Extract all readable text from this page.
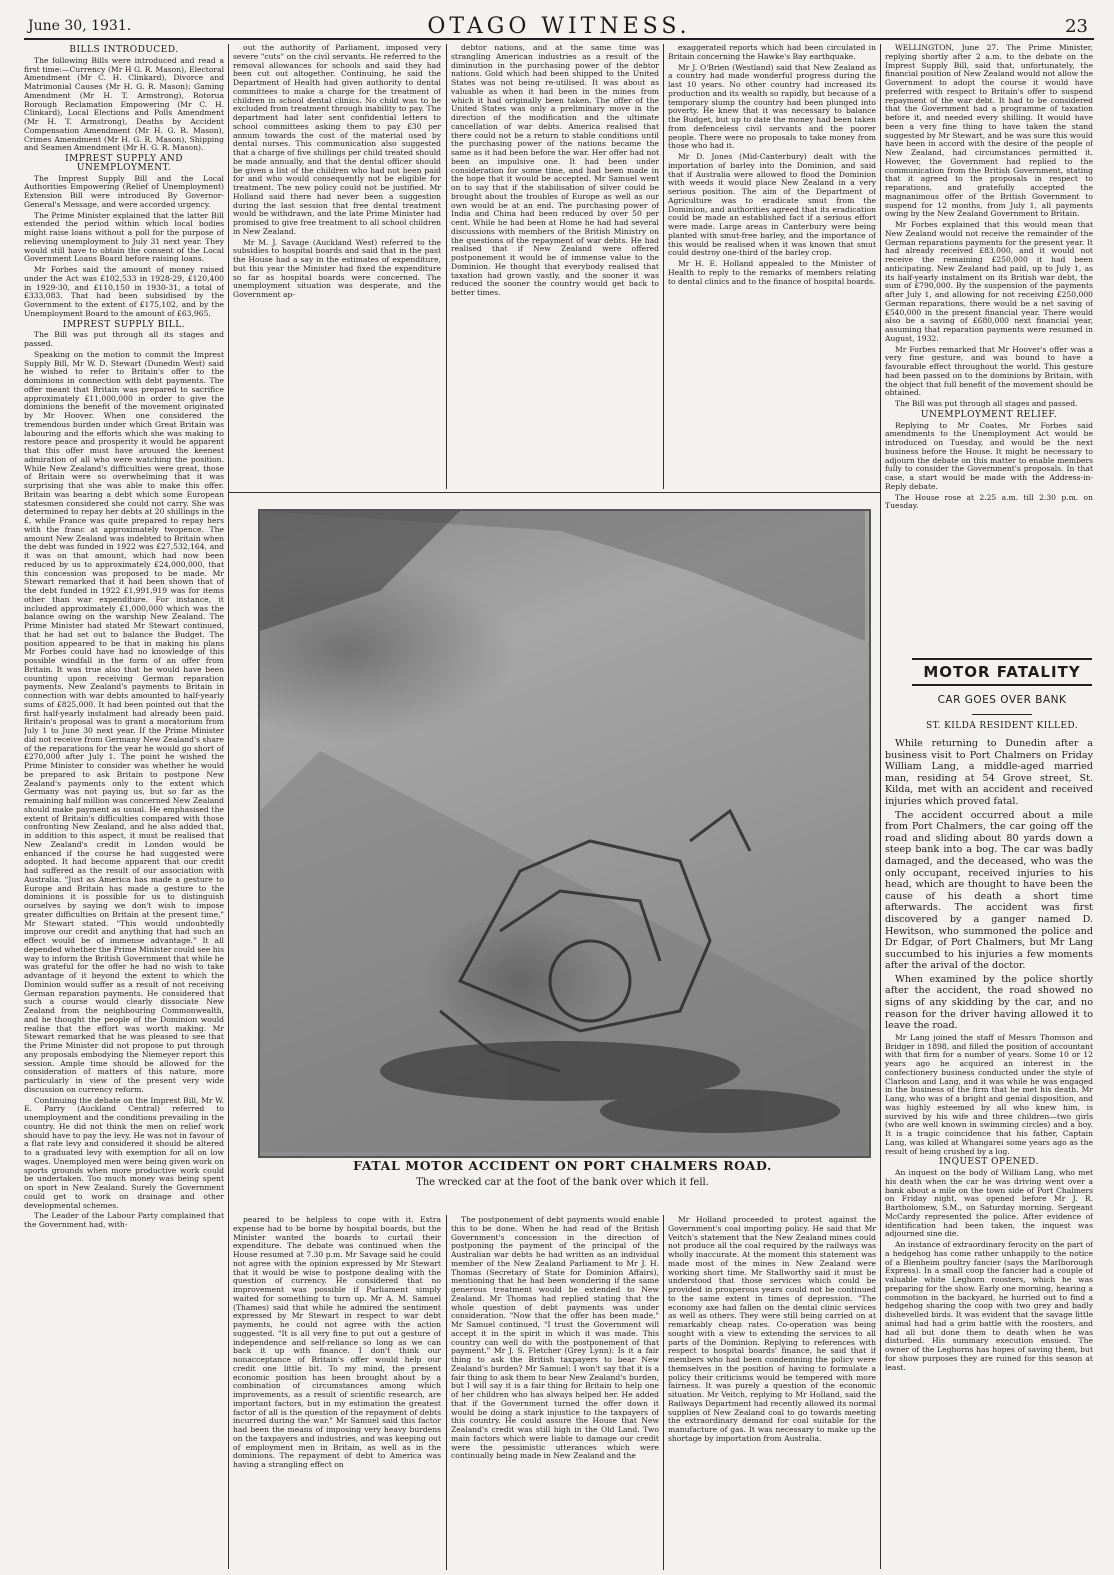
June 30, 1931.	OTAGO WITNESS.	23

BILLS INTRODUCED.

The following Bills were introduced and read a first time:—Currency (Mr H G. R. Mason), Electoral Amendment (Mr C. H. Clinkard), Divorce and Matrimonial Causes (Mr H. G. R. Mason); Gaming Amendment (Mr H. T. Armstrong), Rotorua Borough Reclamation Empowering (Mr C. H. Clinkard), Local Elections and Polls Amendment (Mr H. T. Armstrong), Deaths by Accident Compensation Amendment (Mr H. G. R. Mason), Crimes Amendment (Mr H. G. R. Mason), Shipping and Seamen Amendment (Mr H. G. R. Mason).

IMPREST SUPPLY AND UNEMPLOYMENT.

The Imprest Supply Bill and the Local Authorities Empowering (Relief of Unemployment) Extension Bill were introduced By Governor-General's Message, and were accorded urgency.

The Prime Minister explained that the latter Bill extended the period within which local bodies might raise loans without a poll for the purpose of relieving unemployment to July 31 next year. They would still have to obtain the consent of the Local Government Loans Board before raising loans.

Mr Forbes said the amount of money raised under the Act was £102,533 in 1928-29, £120,400 in 1929-30, and £110,150 in 1930-31, a total of £333,083. That had been subsidised by the Government to the extent of £175,102, and by the Unemployment Board to the amount of £63,965.

IMPREST SUPPLY BILL.

The Bill was put through all its stages and passed.

Speaking on the motion to commit the Imprest Supply Bill, Mr W. D. Stewart (Dunedin West) said he wished to refer to Britain's offer to the dominions in connection with debt payments. The offer meant that Britain was prepared to sacrifice approximately £11,000,000 in order to give the dominions the benefit of the movement originated by Mr Hoover. When one considered the tremendous burden under which Great Britain was labouring and the efforts which she was making to restore peace and prosperity it would be apparent that this offer must have aroused the keenest admiration of all who were watching the position. While New Zealand's difficulties were great, those of Britain were so overwhelming that it was surprising that she was able to make this offer. Britain was bearing a debt which some European statesmen considered she could not carry. She was determined to repay her debts at 20 shillings in the £, while France was quite prepared to repay hers with the franc at approximately twopence. The amount New Zealand was indebted to Britain when the debt was funded in 1922 was £27,532,164, and it was on that amount, which had now been reduced by us to approximately £24,000,000, that this concession was proposed to be made. Mr Stewart remarked that it had been shown that of the debt funded in 1922 £1,991,919 was for items other than war expenditure. For instance, it included approximately £1,000,000 which was the balance owing on the warship New Zealand. The Prime Minister had stated Mr Stewart continued, that he had set out to balance the Budget. The position appeared to be that in making his plans Mr Forbes could have had no knowledge of this possible windfall in the form of an offer from Britain. It was true also that he would have been counting upon receiving German reparation payments. New Zealand's payments to Britain in connection with war debts amounted to half-yearly sums of £825,000. It had been pointed out that the first half-yearly instalment had already been paid. Britain's proposal was to grant a moratorium from July 1 to June 30 next year. If the Prime Minister did not receive from Germany New Zealand's share of the reparations for the year he would go short of £270,000 after July 1. The point he wished the Prime Minister to consider was whether he would be prepared to ask Britain to postpone New Zealand's payments only to the extent which Germany was not paying us, but so far as the remaining half million was concerned New Zealand should make payment as usual. He emphasised the extent of Britain's difficulties compared with those confronting New Zealand, and he also added that, in addition to this aspect, it must be realised that New Zealand's credit in London would be enhanced if the course he had suggested were adopted. It had become apparent that our credit had suffered as the result of our association with Australia. "Just as America has made a gesture to Europe and Britain has made a gesture to the dominions it is possible for us to distinguish ourselves by saying we don't wish to impose greater difficulties on Britain at the present time," Mr Stewart stated. "This would undoubtedly improve our credit and anything that had such an effect would be of immense advantage." It all depended whether the Prime Minister could see his way to inform the British Government that while he was grateful for the offer he had no wish to take advantage of it beyond the extent to which the Dominion would suffer as a result of not receiving German reparation payments. He considered that such a course would clearly dissociate New Zealand from the neighbouring Commonwealth, and he thought the people of the Dominion would realise that the effort was worth making. Mr Stewart remarked that he was pleased to see that the Prime Minister did not propose to put through any proposals embodying the Niemeyer report this session. Ample time should be allowed for the consideration of matters of this nature, more particularly in view of the present very wide discussion on currency reform.

Continuing the debate on the Imprest Bill, Mr W. E. Parry (Auckland Central) referred to unemployment and the conditions prevailing in the country. He did not think the men on relief work should have to pay the levy. He was not in favour of a flat rate levy and considered it should be altered to a graduated levy with exemption for all on low wages. Unemployed men were being given work on sports grounds when more productive work could be undertaken. Too much money was being spent on sport in New Zealand. Surely the Government could get to work on drainage and other developmental schemes.

The Leader of the Labour Party complained that the Government had, with-

out the authority of Parliament, imposed very severe "cuts" on the civil servants. He referred to the removal allowances for schools and said they had been cut out altogether. Continuing, he said the Department of Health had given authority to dental committees to make a charge for the treatment of children in school dental clinics. No child was to be excluded from treatment through inability to pay. The department had later sent confidential letters to school committees asking them to pay £30 per annum towards the cost of the material used by dental nurses. This communication also suggested that a charge of five shillings per child treated should be made annually, and that the dental officer should be given a list of the children who had not been paid for and who would consequently not be eligible for treatment. The new policy could not be justified. Mr Holland said there had never been a suggestion during the last session that free dental treatment would be withdrawn, and the late Prime Minister had promised to give free treatment to all school children in New Zealand.

Mr M. J. Savage (Auckland West) referred to the subsidies to hospital boards and said that in the past the House had a say in the estimates of expenditure, but this year the Minister had fixed the expenditure so far as hospital boards were concerned. The unemployment situation was desperate, and the Government ap-

debtor nations, and at the same time was strangling American industries as a result of the diminution in the purchasing power of the debtor nations. Gold which had been shipped to the United States was not being re-utilised. It was about as valuable as when it had been in the mines from which it had originally been taken. The offer of the United States was only a preliminary move in the direction of the modification and the ultimate cancellation of war debts. America realised that there could not be a return to stable conditions until the purchasing power of the nations became the same as it had been before the war. Her offer had not been an impulsive one. It had been under consideration for some time, and had been made in the hope that it would be accepted. Mr Samuel went on to say that if the stabilisation of silver could be brought about the troubles of Europe as well as our own would be at an end. The purchasing power of India and China had been reduced by over 50 per cent. While he had been at Home he had had several discussions with members of the British Ministry on the questions of the repayment of war debts. He had realised that if New Zealand were offered postponement it would be of immense value to the Dominion. He thought that everybody realised that taxation had grown vastly, and the sooner it was reduced the sooner the country would get back to better times.

exaggerated reports which had been circulated in Britain concerning the Hawke's Bay earthquake.

Mr J. O'Brien (Westland) said that New Zealand as a country had made wonderful progress during the last 10 years. No other country had increased its production and its wealth so rapidly, but because of a temporary slump the country had been plunged into poverty. He knew that it was necessary to balance the Budget, but up to date the money had been taken from defenceless civil servants and the poorer people. There were no proposals to take money from those who had it.

Mr D. Jones (Mid-Canterbury) dealt with the importation of barley into the Dominion, and said that if Australia were allowed to flood the Dominion with weeds it would place New Zealand in a very serious position. The aim of the Department of Agriculture was to eradicate smut from the Dominion, and authorities agreed that its eradication could be made an established fact if a serious effort were made. Large areas in Canterbury were being planted with smut-free barley, and the importance of this would be realised when it was known that smut could destroy one-third of the barley crop.

Mr H. E. Holland appealed to the Minister of Health to reply to the remarks of members relating to dental clinics and to the finance of hospital boards.

FATAL MOTOR ACCIDENT ON PORT CHALMERS ROAD.
The wrecked car at the foot of the bank over which it fell.

peared to be helpless to cope with it. Extra expense had to be borne by hospital boards, but the Minister wanted the boards to curtail their expenditure. The debate was continued when the House resumed at 7.30 p.m. Mr Savage said he could not agree with the opinion expressed by Mr Stewart that it would be wise to postpone dealing with the question of currency. He considered that no improvement was possible if Parliament simply waited for something to turn up. Mr A. M. Samuel (Thames) said that while he admired the sentiment expressed by Mr Stewart in respect to war debt payments, he could not agree with the action suggested. "It is all very fine to put out a gesture of independence and self-reliance so long as we can back it up with finance. I don't think our nonacceptance of Britain's offer would help our credit one little bit. To my mind, the present economic position has been brought about by a combination of circumstances among which improvements, as a result of scientific research, are important factors, but in my estimation the greatest factor of all is the question of the repayment of debts incurred during the war." Mr Samuel said this factor had been the means of imposing very heavy burdens on the taxpayers and industries, and was keeping out of employment men in Britain, as well as in the dominions. The repayment of debt to America was having a strangling effect on

The postponement of debt payments would enable this to be done. When he had read of the British Government's concession in the direction of postponing the payment of the principal of the Australian war debts he had written as an individual member of the New Zealand Parliament to Mr J. H. Thomas (Secretary of State for Dominion Affairs), mentioning that he had been wondering if the same generous treatment would be extended to New Zealand. Mr Thomas had replied stating that the whole question of debt payments was under consideration. "Now that the offer has been made," Mr Samuel continued, "I trust the Government will accept it in the spirit in which it was made. This country can well do with the postponement of that payment." Mr J. S. Fletcher (Grey Lynn): Is it a fair thing to ask the British taxpayers to bear New Zealand's burden? Mr Samuel: I won't say that it is a fair thing to ask them to bear New Zealand's burden, but I will say it is a fair thing for Britain to help one of her children who has always helped her. He added that if the Government turned the offer down it would be doing a stark injustice to the taxpayers of this country. He could assure the House that New Zealand's credit was still high in the Old Land. Two main factors which were liable to damage our credit were the pessimistic utterances which were continually being made in New Zealand and the

Mr Holland proceeded to protest against the Government's coal importing policy. He said that Mr Veitch's statement that the New Zealand mines could not produce all the coal required by the railways was wholly inaccurate. At the moment this statement was made most of the mines in New Zealand were working short time. Mr Stallworthy said it must be understood that those services which could be provided in prosperous years could not be continued to the same extent in times of depression. "The economy axe had fallen on the dental clinic services as well as others. They were still being carried on at remarkably cheap rates. Co-operation was being sought with a view to extending the services to all parts of the Dominion. Replying to references with respect to hospital boards' finance, he said that if members who had been condemning the policy were themselves in the position of having to formulate a policy their criticisms would be tempered with more fairness. It was purely a question of the economic situation. Mr Veitch, replying to Mr Holland, said the Railways Department had recently allowed its normal supplies of New Zealand coal to go towards meeting the extraordinary demand for coal suitable for the manufacture of gas. It was necessary to make up the shortage by importation from Australia.

WELLINGTON, June 27. The Prime Minister, replying shortly after 2 a.m. to the debate on the Imprest Supply Bill, said that, unfortunately, the financial position of New Zealand would not allow the Government to adopt the course it would have preferred with respect to Britain's offer to suspend repayment of the war debt. It had to be considered that the Government had a programme of taxation before it, and needed every shilling. It would have been a very fine thing to have taken the stand suggested by Mr Stewart, and he was sure this would have been in accord with the desire of the people of New Zealand, had circumstances permitted it. However, the Government had replied to the communication from the British Government, stating that it agreed to the proposals in respect to reparations, and gratefully accepted the magnanimous offer of the British Government to suspend for 12 months, from July 1, all payments owing by the New Zealand Government to Britain.

Mr Forbes explained that this would mean that New Zealand would not receive the remainder of the German reparations payments for the present year. It had already received £83,000, and it would not receive the remaining £250,000 it had been anticipating. New Zealand had paid, up to July 1, as its half-yearly instalment on its British war debt, the sum of £790,000. By the suspension of the payments after July 1, and allowing for not receiving £250,000 German reparations, there would be a net saving of £540,000 in the present financial year. There would also be a saving of £680,000 next financial year, assuming that reparation payments were resumed in August, 1932.

Mr Forbes remarked that Mr Hoover's offer was a very fine gesture, and was bound to have a favourable effect throughout the world. This gesture had been passed on to the dominions by Britain, with the object that full benefit of the movement should be obtained.

The Bill was put through all stages and passed.

UNEMPLOYMENT RELIEF.

Replying to Mr Coates, Mr Forbes said amendments to the Unemployment Act would be introduced on Tuesday, and would be the next business before the House. It might be necessary to adjourn the debate on this matter to enable members fully to consider the Government's proposals. In that case, a start would be made with the Address-in-Reply debate.

The House rose at 2.25 a.m. till 2.30 p.m. on Tuesday.

MOTOR FATALITY
CAR GOES OVER BANK
ST. KILDA RESIDENT KILLED.

While returning to Dunedin after a business visit to Port Chalmers on Friday William Lang, a middle-aged married man, residing at 54 Grove street, St. Kilda, met with an accident and received injuries which proved fatal.

The accident occurred about a mile from Port Chalmers, the car going off the road and sliding about 80 yards down a steep bank into a bog. The car was badly damaged, and the deceased, who was the only occupant, received injuries to his head, which are thought to have been the cause of his death a short time afterwards. The accident was first discovered by a ganger named D. Hewitson, who summoned the police and Dr Edgar, of Port Chalmers, but Mr Lang succumbed to his injuries a few moments after the arival of the doctor.

When examined by the police shortly after the accident, the road showed no signs of any skidding by the car, and no reason for the driver having allowed it to leave the road.

Mr Lang joined the staff of Messrs Thomson and Bridger in 1898, and filled the position of accountant with that firm for a number of years. Some 10 or 12 years ago he acquired an interest in the confectionery business conducted under the style of Clarkson and Lang, and it was while he was engaged in the business of the firm that he met his death. Mr Lang, who was of a bright and genial disposition, and was highly esteemed by all who knew him, is survived by his wife and three children—two girls (who are well known in swimming circles) and a boy. It is a tragic coincidence that his father, Captain Lang, was killed at Whangarei some years ago as the result of being crushed by a log.

INQUEST OPENED.

An inquest on the body of William Lang, who met his death when the car he was driving went over a bank about a mile on the town side of Port Chalmers on Friday night, was opened before Mr J. R. Bartholomew, S.M., on Saturday morning. Sergeant McCardy represented the police. After evidence of identification had been taken, the inquest was adjourned sine die.

An instance of extraordinary ferocity on the part of a hedgehog has come rather unhappily to the notice of a Blenheim poultry fancier (says the Marlborough Express). In a small coop the fancier had a couple of valuable white Leghorn roosters, which he was preparing for the show. Early one morning, hearing a commotion in the backyard, he hurried out to find a hedgehog sharing the coop with two grey and badly dishevelled birds. It was evident that the savage little animal had had a grim battle with the roosters, and had all but done them to death when he was disturbed. His summary execution ensued. The owner of the Leghorns has hopes of saving them, but for show purposes they are ruined for this season at least.
